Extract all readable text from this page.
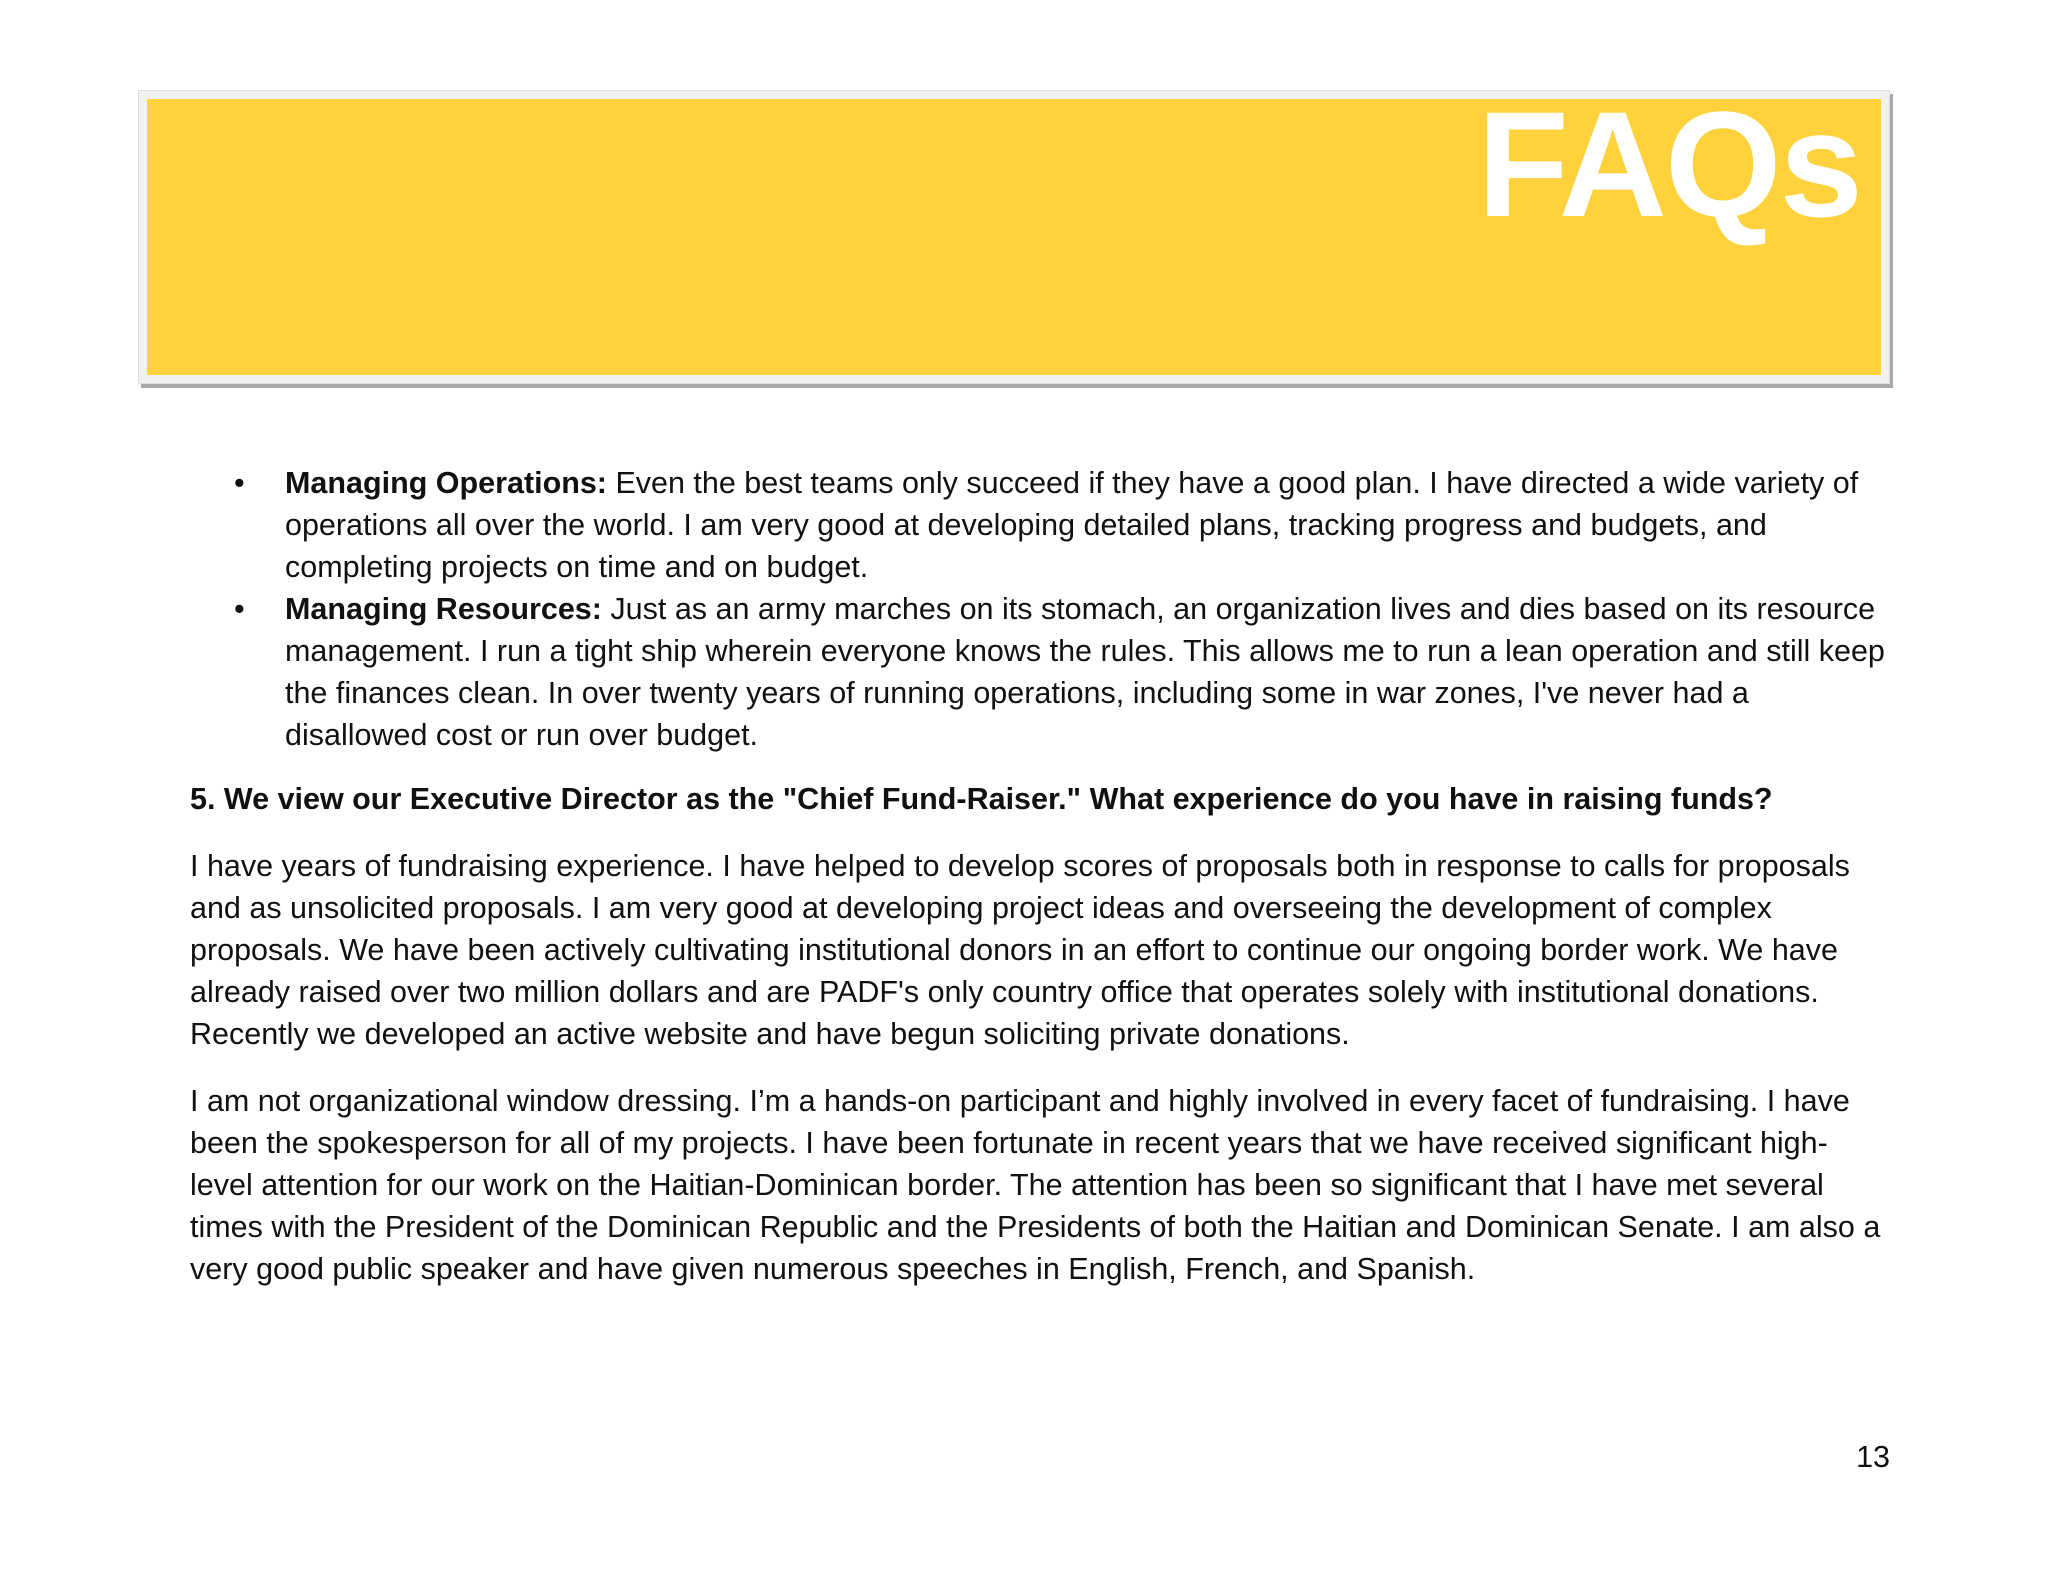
FAQs
• Managing Operations: Even the best teams only succeed if they have a good plan. I have directed a wide variety of operations all over the world. I am very good at developing detailed plans, tracking progress and budgets, and completing projects on time and on budget.
• Managing Resources: Just as an army marches on its stomach, an organization lives and dies based on its resource management. I run a tight ship wherein everyone knows the rules. This allows me to run a lean operation and still keep the finances clean. In over twenty years of running operations, including some in war zones, I've never had a disallowed cost or run over budget.

5. We view our Executive Director as the "Chief Fund-Raiser." What experience do you have in raising funds?

I have years of fundraising experience. I have helped to develop scores of proposals both in response to calls for proposals and as unsolicited proposals. I am very good at developing project ideas and overseeing the development of complex proposals. We have been actively cultivating institutional donors in an effort to continue our ongoing border work. We have already raised over two million dollars and are PADF's only country office that operates solely with institutional donations. Recently we developed an active website and have begun soliciting private donations.

I am not organizational window dressing. I’m a hands-on participant and highly involved in every facet of fundraising. I have been the spokesperson for all of my projects. I have been fortunate in recent years that we have received significant high-level attention for our work on the Haitian-Dominican border. The attention has been so significant that I have met several times with the President of the Dominican Republic and the Presidents of both the Haitian and Dominican Senate. I am also a very good public speaker and have given numerous speeches in English, French, and Spanish.

13
